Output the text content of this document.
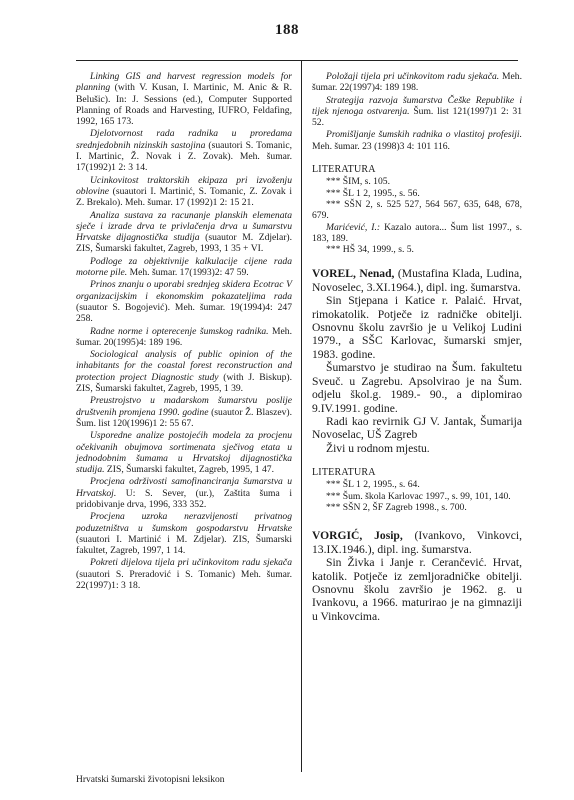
188

Linking GIS and harvest regression models for planning (with V. Kusan, I. Martinic, M. Anic & R. Belušic). In: J. Sessions (ed.), Computer Supported Planning of Roads and Harvesting, IUFRO, Feldafing, 1992, 165 173.

Djelotvornost rada radnika u proredama srednjedobnih nizinskih sastojina (suautori S. Tomanic, I. Martinic, Ž. Novak i Z. Zovak). Meh. šumar. 17(1992)1 2: 3 14.

Ucinkovitost traktorskih ekipaza pri izvoženju oblovine (suautori I. Martinić, S. Tomanic, Z. Zovak i Z. Brekalo). Meh. šumar. 17 (1992)1 2: 15 21.

Analiza sustava za racunanje planskih elemenata sječe i izrade drva te privlačenja drva u šumarstvu Hrvatske dijagnostička studija (suautor M. Zdjelar). ZIS, Šumarski fakultet, Zagreb, 1993, 1 35 + VI.

Podloge za objektivnije kalkulacije cijene rada motorne pile. Meh. šumar. 17(1993)2: 47 59.

Prinos znanju o uporabi srednjeg skidera Ecotrac V organizacijskim i ekonomskim pokazateljima rada (suautor S. Bogojević). Meh. šumar. 19(1994)4: 247 258.

Radne norme i opterecenje šumskog radnika. Meh. šumar. 20(1995)4: 189 196.

Sociological analysis of public opinion of the inhabitants for the coastal forest reconstruction and protection project Diagnostic study (with J. Biskup). ZIS, Šumarski fakultet, Zagreb, 1995, 1 39.

Preustrojstvo u madarskom šumarstvu poslije društvenih promjena 1990. godine (suautor Ž. Blaszev). Šum. list 120(1996)1 2: 55 67.

Usporedne analize postojećih modela za procjenu očekivanih obujmova sortimenata sječivog etata u jednodobnim šumama u Hrvatskoj dijagnostička studija. ZIS, Šumarski fakultet, Zagreb, 1995, 1 47.

Procjena održivosti samofinanciranja šumarstva u Hrvatskoj. U: S. Sever, (ur.), Zaštita šuma i pridobivanje drva, 1996, 333 352.

Procjena uzroka nerazvijenosti privatnog poduzetništva u šumskom gospodarstvu Hrvatske (suautori I. Martinić i M. Zdjelar). ZIS, Šumarski fakultet, Zagreb, 1997, 1 14.

Pokreti dijelova tijela pri učinkovitom radu sjekača (suautori S. Preradović i S. Tomanic) Meh. šumar. 22(1997)1: 3 18.

Položaji tijela pri učinkovitom radu sjekača. Meh. šumar. 22(1997)4: 189 198.

Strategija razvoja šumarstva Češke Republike i tijek njenoga ostvarenja. Šum. list 121(1997)1 2: 31 52.

Promišljanje šumskih radnika o vlastitoj profesiji. Meh. šumar. 23 (1998)3 4: 101 116.

LITERATURA

*** ŠIM, s. 105.

*** ŠL 1 2, 1995., s. 56.

*** SŠN 2, s. 525 527, 564 567, 635, 648, 678, 679.

Marićević, I.: Kazalo autora... Šum list 1997., s. 183, 189.

*** HŠ 34, 1999., s. 5.

VOREL, Nenad, (Mustafina Klada, Ludina, Novoselec, 3.XI.1964.), dipl. ing. šumarstva.

Sin Stjepana i Katice r. Palaić. Hrvat, rimokatolik. Potječe iz radničke obitelji. Osnovnu školu završio je u Velikoj Ludini 1979., a SŠC Karlovac, šumarski smjer, 1983. godine.

Šumarstvo je studirao na Šum. fakultetu Sveuč. u Zagrebu. Apsolvirao je na Šum. odjelu škol.g. 1989.- 90., a diplomirao 9.IV.1991. godine.

Radi kao revirnik GJ V. Jantak, Šumarija Novoselac, UŠ Zagreb

Živi u rodnom mjestu.

LITERATURA

*** ŠL 1 2, 1995., s. 64.

*** Šum. škola Karlovac 1997., s. 99, 101, 140.

*** SŠN 2, ŠF Zagreb 1998., s. 700.

VORGIĆ, Josip, (Ivankovo, Vinkovci, 13.IX.1946.), dipl. ing. šumarstva.

Sin Živka i Janje r. Cerančević. Hrvat, katolik. Potječe iz zemljoradničke obitelji. Osnovnu školu završio je 1962. g. u Ivankovu, a 1966. maturirao je na gimnaziji u Vinkovcima.

Hrvatski šumarski životopisni leksikon
